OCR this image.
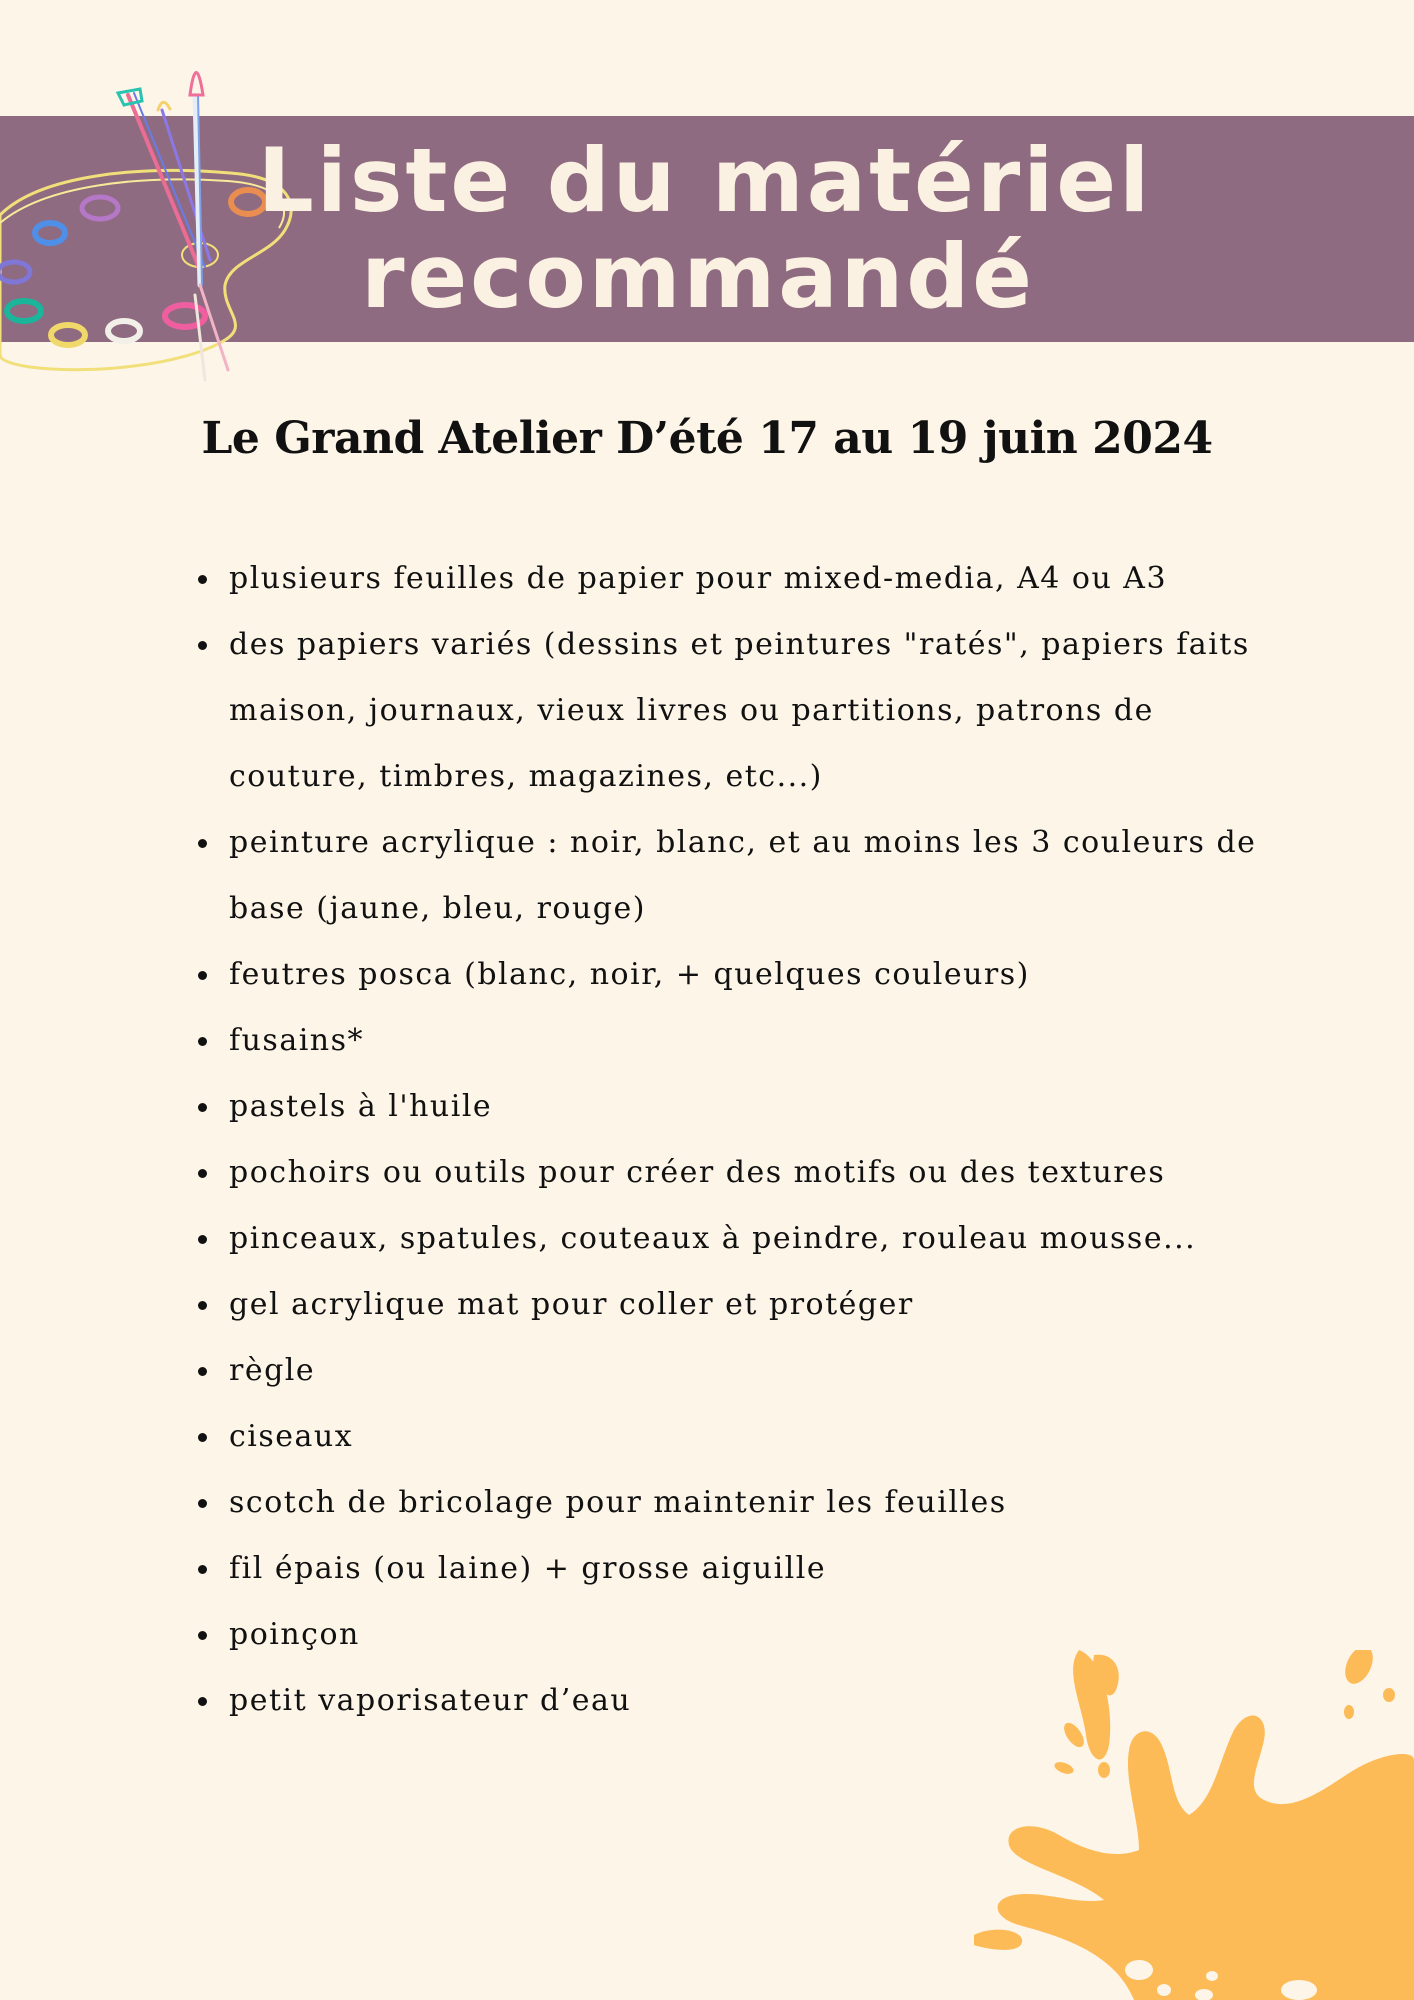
Liste du matériel
recommandé
Le Grand Atelier D’été 17 au 19 juin 2024
plusieurs feuilles de papier pour mixed-media, A4 ou A3
des papiers variés (dessins et peintures "ratés", papiers faits maison, journaux, vieux livres ou partitions, patrons de couture, timbres, magazines, etc...)
peinture acrylique : noir, blanc, et au moins les 3 couleurs de base (jaune, bleu, rouge)
feutres posca (blanc, noir, + quelques couleurs)
fusains*
pastels à l'huile
pochoirs ou outils pour créer des motifs ou des textures
pinceaux, spatules, couteaux à peindre, rouleau mousse...
gel acrylique mat pour coller et protéger
règle
ciseaux
scotch de bricolage pour maintenir les feuilles
fil épais (ou laine) + grosse aiguille
poinçon
petit vaporisateur d’eau
